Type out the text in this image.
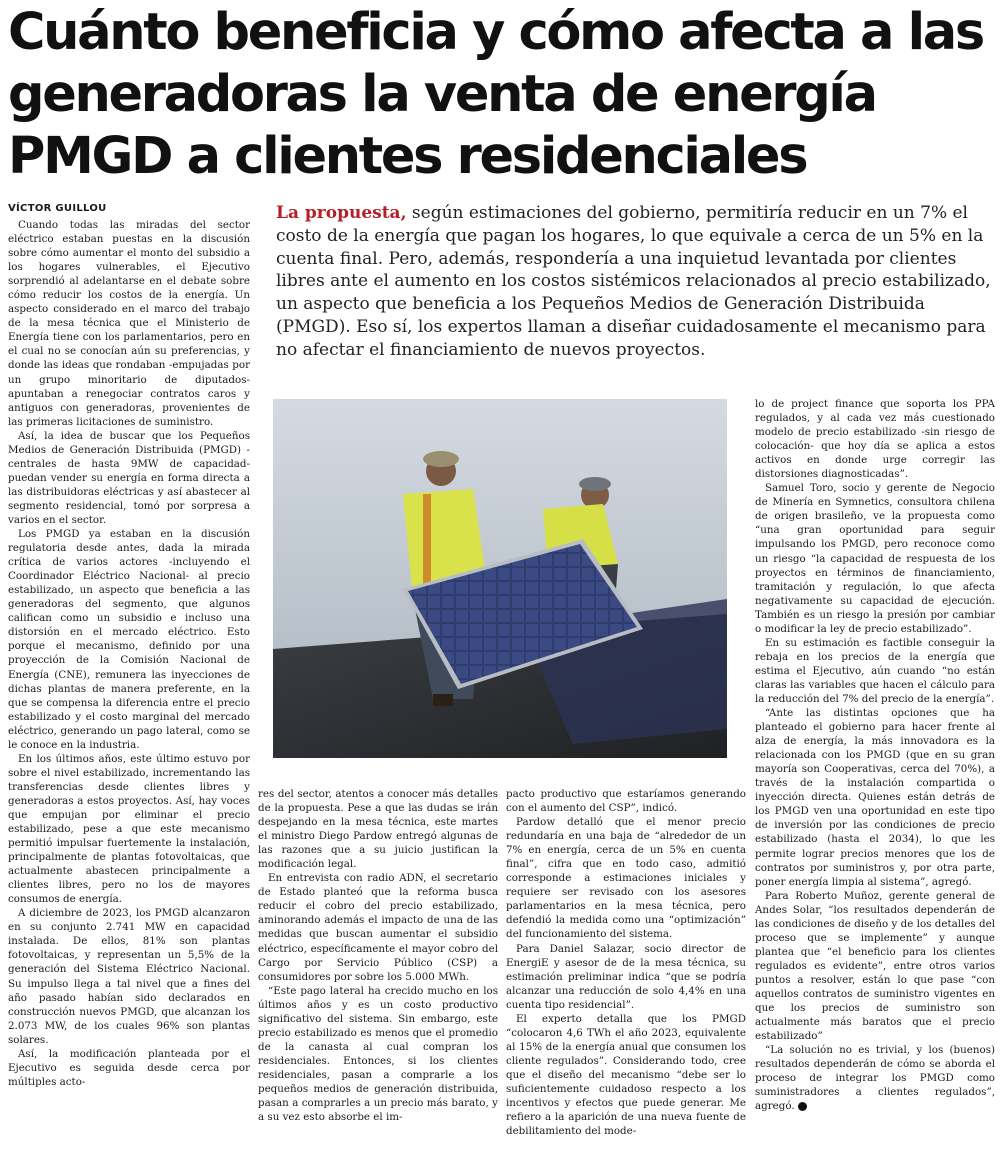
Cuánto beneficia y cómo afecta a las generadoras la venta de energía PMGD a clientes residenciales
VÍCTOR GUILLOU	La propuesta, según estimaciones del gobierno, permitiría reducir en un 7% el costo de la energía que pagan los hogares, lo que equivale a cerca de un 5% en la cuenta final. Pero, además, respondería a una inquietud levantada por clientes libres ante el aumento en los costos sistémicos relacionados al precio estabilizado, un aspecto que beneficia a los Pequeños Medios de Generación Distribuida (PMGD). Eso sí, los expertos llaman a diseñar cuidadosamente el mecanismo para no afectar el financiamiento de nuevos proyectos.

Cuando todas las miradas del sector eléctrico estaban puestas en la discusión sobre cómo aumentar el monto del subsidio a los hogares vulnerables, el Ejecutivo sorprendió al adelantarse en el debate sobre cómo reducir los costos de la energía. Un aspecto considerado en el marco del trabajo de la mesa técnica que el Ministerio de Energía tiene con los parlamentarios, pero en el cual no se conocían aún su preferencias, y donde las ideas que rondaban -empujadas por un grupo minoritario de diputados- apuntaban a renegociar contratos caros y antiguos con generadoras, provenientes de las primeras licitaciones de suministro.

Así, la idea de buscar que los Pequeños Medios de Generación Distribuida (PMGD) -centrales de hasta 9MW de capacidad- puedan vender su energía en forma directa a las distribuidoras eléctricas y así abastecer al segmento residencial, tomó por sorpresa a varios en el sector.

Los PMGD ya estaban en la discusión regulatoria desde antes, dada la mirada crítica de varios actores -incluyendo el Coordinador Eléctrico Nacional- al precio estabilizado, un aspecto que beneficia a las generadoras del segmento, que algunos califican como un subsidio e incluso una distorsión en el mercado eléctrico. Esto porque el mecanismo, definido por una proyección de la Comisión Nacional de Energía (CNE), remunera las inyecciones de dichas plantas de manera preferente, en la que se compensa la diferencia entre el precio estabilizado y el costo marginal del mercado eléctrico, generando un pago lateral, como se le conoce en la industria.

En los últimos años, este último estuvo por sobre el nivel estabilizado, incrementando las transferencias desde clientes libres y generadoras a estos proyectos. Así, hay voces que empujan por eliminar el precio estabilizado, pese a que este mecanismo permitió impulsar fuertemente la instalación, principalmente de plantas fotovoltaicas, que actualmente abastecen principalmente a clientes libres, pero no los de mayores consumos de energía.

A diciembre de 2023, los PMGD alcanzaron en su conjunto 2.741 MW en capacidad instalada. De ellos, 81% son plantas fotovoltaicas, y representan un 5,5% de la generación del Sistema Eléctrico Nacional. Su impulso llega a tal nivel que a fines del año pasado habían sido declarados en construcción nuevos PMGD, que alcanzan los 2.073 MW, de los cuales 96% son plantas solares.

Así, la modificación planteada por el Ejecutivo es seguida desde cerca por múltiples acto-

res del sector, atentos a conocer más detalles de la propuesta. Pese a que las dudas se irán despejando en la mesa técnica, este martes el ministro Diego Pardow entregó algunas de las razones que a su juicio justifican la modificación legal.

En entrevista con radio ADN, el secretario de Estado planteó que la reforma busca reducir el cobro del precio estabilizado, aminorando además el impacto de una de las medidas que buscan aumentar el subsidio eléctrico, específicamente el mayor cobro del Cargo por Servicio Público (CSP) a consumidores por sobre los 5.000 MWh.

“Este pago lateral ha crecido mucho en los últimos años y es un costo productivo significativo del sistema. Sin embargo, este precio estabilizado es menos que el promedio de la canasta al cual compran los residenciales. Entonces, si los clientes residenciales, pasan a comprarle a los pequeños medios de generación distribuida, pasan a comprarles a un precio más barato, y a su vez esto absorbe el im-

pacto productivo que estaríamos generando con el aumento del CSP”, indicó.

Pardow detalló que el menor precio redundaría en una baja de “alrededor de un 7% en energía, cerca de un 5% en cuenta final”, cifra que en todo caso, admitió corresponde a estimaciones iniciales y requiere ser revisado con los asesores parlamentarios en la mesa técnica, pero defendió la medida como una “optimización” del funcionamiento del sistema.

Para Daniel Salazar, socio director de EnergiE y asesor de de la mesa técnica, su estimación preliminar indica “que se podría alcanzar una reducción de solo 4,4% en una cuenta tipo residencial”.

El experto detalla que los PMGD “colocaron 4,6 TWh el año 2023, equivalente al 15% de la energía anual que consumen los cliente regulados”. Considerando todo, cree que el diseño del mecanismo “debe ser lo suficientemente cuidadoso respecto a los incentivos y efectos que puede generar. Me refiero a la aparición de una nueva fuente de debilitamiento del mode-

lo de project finance que soporta los PPA regulados, y al cada vez más cuestionado modelo de precio estabilizado -sin riesgo de colocación- que hoy día se aplica a estos activos en donde urge corregir las distorsiones diagnosticadas”.

Samuel Toro, socio y gerente de Negocio de Minería en Symnetics, consultora chilena de origen brasileño, ve la propuesta como “una gran oportunidad para seguir impulsando los PMGD, pero reconoce como un riesgo “la capacidad de respuesta de los proyectos en términos de financiamiento, tramitación y regulación, lo que afecta negativamente su capacidad de ejecución. También es un riesgo la presión por cambiar o modificar la ley de precio estabilizado”.

En su estimación es factible conseguir la rebaja en los precios de la energía que estima el Ejecutivo, aún cuando “no están claras las variables que hacen el cálculo para la reducción del 7% del precio de la energía”.

“Ante las distintas opciones que ha planteado el gobierno para hacer frente al alza de energía, la más innovadora es la relacionada con los PMGD (que en su gran mayoría son Cooperativas, cerca del 70%), a través de la instalación compartida o inyección directa. Quienes están detrás de los PMGD ven una oportunidad en este tipo de inversión por las condiciones de precio estabilizado (hasta el 2034), lo que les permite lograr precios menores que los de contratos por suministros y, por otra parte, poner energía limpia al sistema”, agregó.

Para Roberto Muñoz, gerente general de Andes Solar, “los resultados dependerán de las condiciones de diseño y de los detalles del proceso que se implemente” y aunque plantea que “el beneficio para los clientes regulados es evidente”, entre otros varios puntos a resolver, están lo que pase “con aquellos contratos de suministro vigentes en que los precios de suministro son actualmente más baratos que el precio estabilizado”

“La solución no es trivial, y los (buenos) resultados dependerán de cómo se aborda el proceso de integrar los PMGD como suministradores a clientes regulados”, agregó.
